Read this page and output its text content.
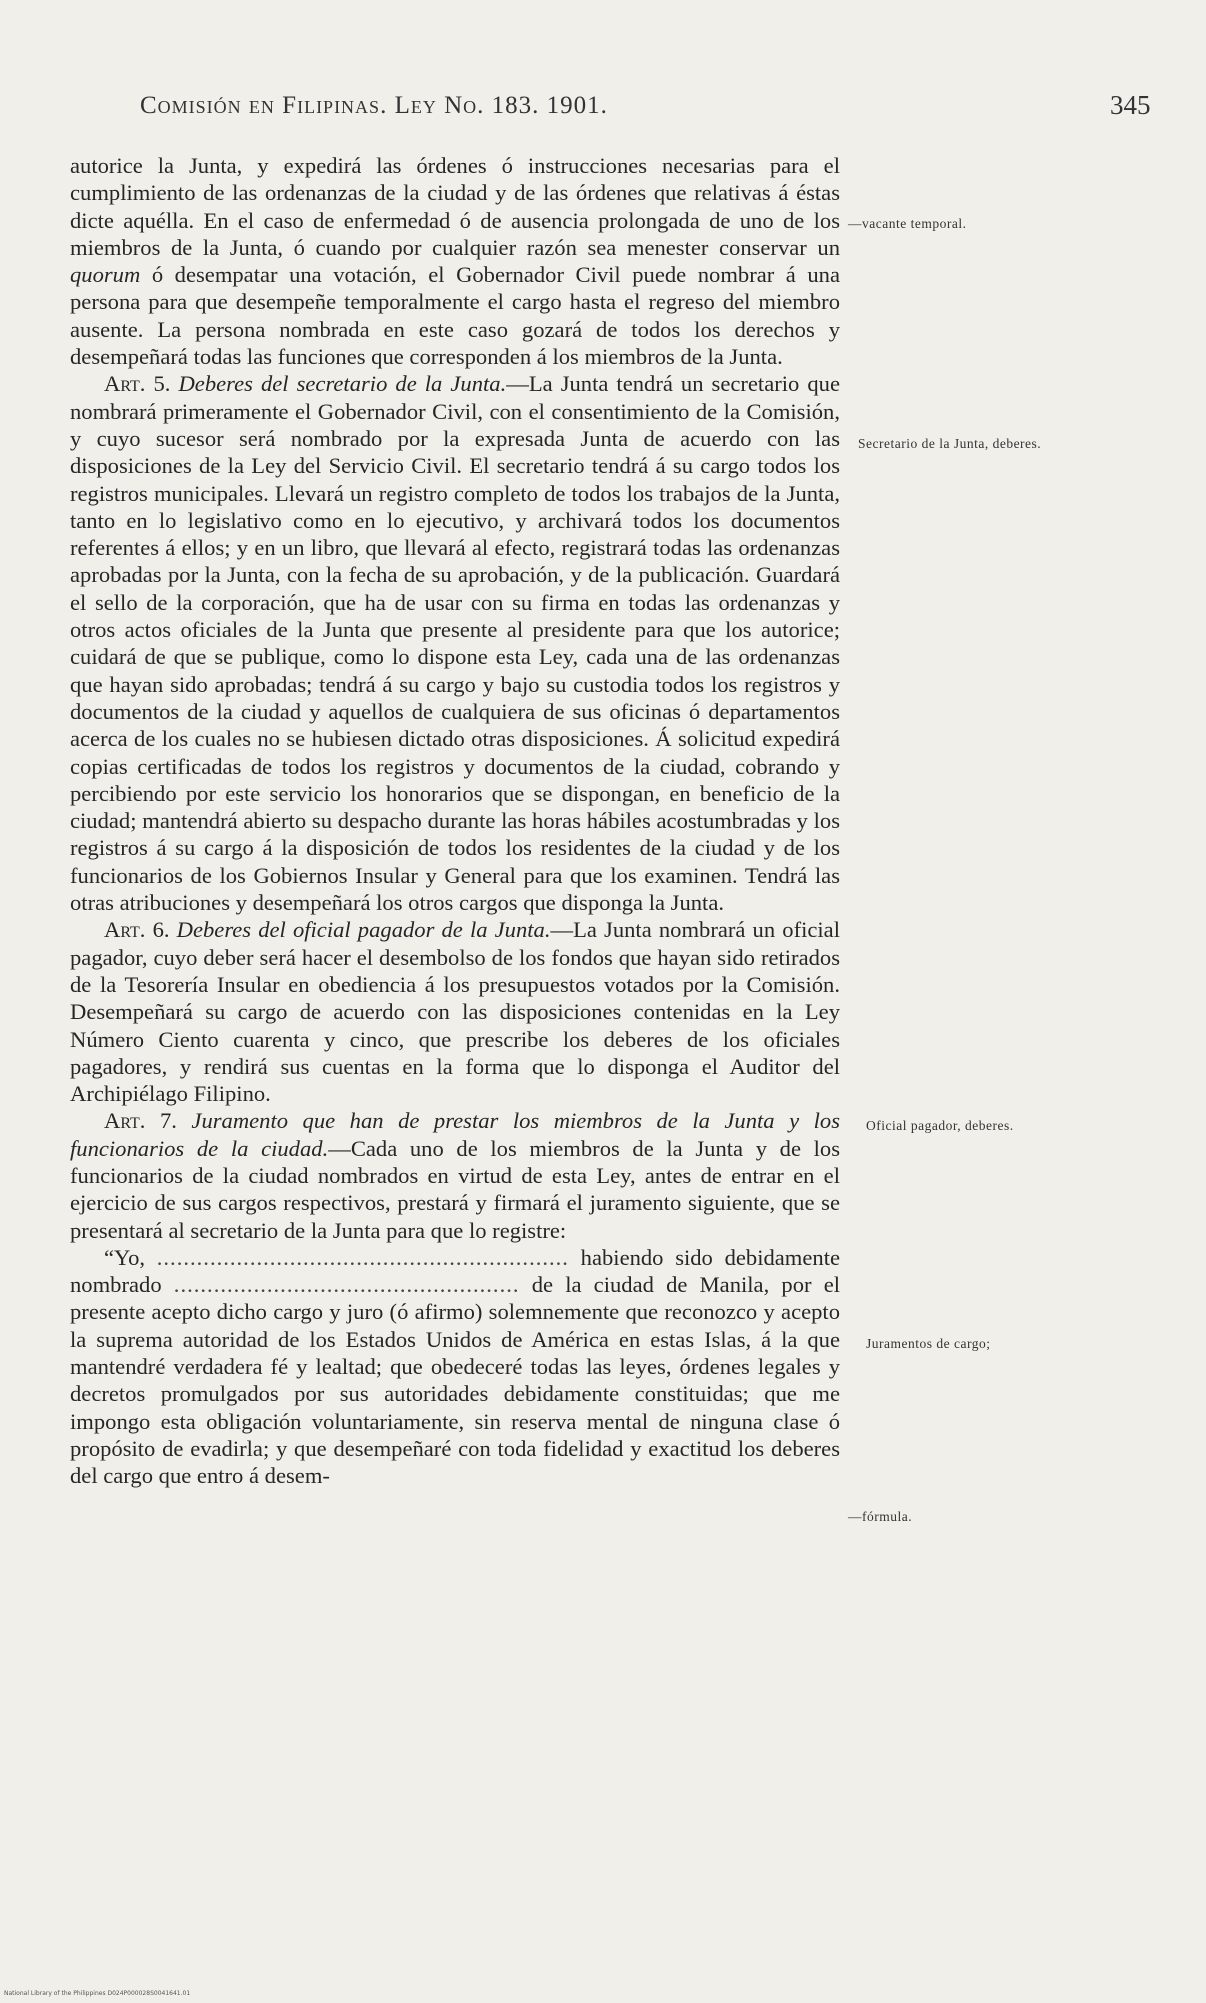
Comisión en Filipinas. Ley No. 183. 1901.	345

autorice la Junta, y expedirá las órdenes ó instrucciones necesarias para el cumplimiento de las ordenanzas de la ciudad y de las órdenes que relativas á éstas dicte aquélla. En el caso de enfermedad ó de ausencia prolongada de uno de los miembros de la Junta, ó cuando por cualquier razón sea menester conservar un quorum ó desempatar una votación, el Gobernador Civil puede nombrar á una persona para que desempeñe temporalmente el cargo hasta el regreso del miembro ausente. La persona nombrada en este caso gozará de todos los derechos y desempeñará todas las funciones que corresponden á los miembros de la Junta.

Art. 5. Deberes del secretario de la Junta.—La Junta tendrá un secretario que nombrará primeramente el Gobernador Civil, con el consentimiento de la Comisión, y cuyo sucesor será nombrado por la expresada Junta de acuerdo con las disposiciones de la Ley del Servicio Civil. El secretario tendrá á su cargo todos los registros municipales. Llevará un registro completo de todos los trabajos de la Junta, tanto en lo legislativo como en lo ejecutivo, y archivará todos los documentos referentes á ellos; y en un libro, que llevará al efecto, registrará todas las ordenanzas aprobadas por la Junta, con la fecha de su aprobación, y de la publicación. Guardará el sello de la corporación, que ha de usar con su firma en todas las ordenanzas y otros actos oficiales de la Junta que presente al presidente para que los autorice; cuidará de que se publique, como lo dispone esta Ley, cada una de las ordenanzas que hayan sido aprobadas; tendrá á su cargo y bajo su custodia todos los registros y documentos de la ciudad y aquellos de cualquiera de sus oficinas ó departamentos acerca de los cuales no se hubiesen dictado otras disposiciones. Á solicitud expedirá copias certificadas de todos los registros y documentos de la ciudad, cobrando y percibiendo por este servicio los honorarios que se dispongan, en beneficio de la ciudad; mantendrá abierto su despacho durante las horas hábiles acostumbradas y los registros á su cargo á la disposición de todos los residentes de la ciudad y de los funcionarios de los Gobiernos Insular y General para que los examinen. Tendrá las otras atribuciones y desempeñará los otros cargos que disponga la Junta.

Art. 6. Deberes del oficial pagador de la Junta.—La Junta nombrará un oficial pagador, cuyo deber será hacer el desembolso de los fondos que hayan sido retirados de la Tesorería Insular en obediencia á los presupuestos votados por la Comisión. Desempeñará su cargo de acuerdo con las disposiciones contenidas en la Ley Número Ciento cuarenta y cinco, que prescribe los deberes de los oficiales pagadores, y rendirá sus cuentas en la forma que lo disponga el Auditor del Archipiélago Filipino.

Art. 7. Juramento que han de prestar los miembros de la Junta y los funcionarios de la ciudad.—Cada uno de los miembros de la Junta y de los funcionarios de la ciudad nombrados en virtud de esta Ley, antes de entrar en el ejercicio de sus cargos respectivos, prestará y firmará el juramento siguiente, que se presentará al secretario de la Junta para que lo registre:

“Yo, .............................................................. habiendo sido debidamente nombrado .................................................... de la ciudad de Manila, por el presente acepto dicho cargo y juro (ó afirmo) solemnemente que reconozco y acepto la suprema autoridad de los Estados Unidos de América en estas Islas, á la que mantendré verdadera fé y lealtad; que obedeceré todas las leyes, órdenes legales y decretos promulgados por sus autoridades debidamente constituidas; que me impongo esta obligación voluntariamente, sin reserva mental de ninguna clase ó propósito de evadirla; y que desempeñaré con toda fidelidad y exactitud los deberes del cargo que entro á desem-

—vacante temporal.
Secretario de la Junta, deberes.
Oficial pagador, deberes.
Juramentos de cargo;
—fórmula.
National Library of the Philippines D024P000028S0041641.01
